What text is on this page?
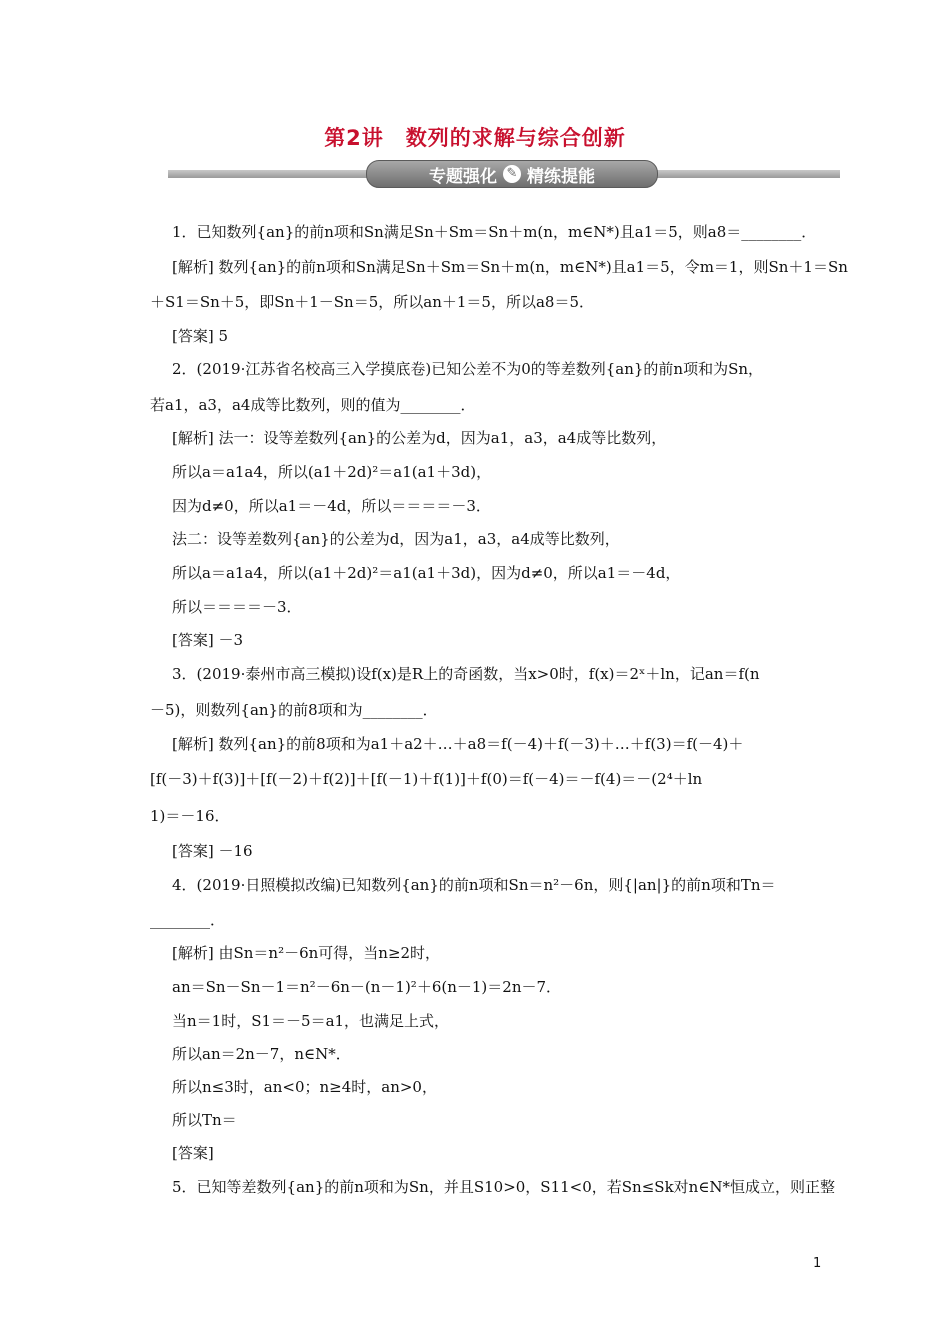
第2讲　数列的求解与综合创新
专题强化 ✎ 精练提能
1．已知数列{an}的前n项和Sn满足Sn＋Sm＝Sn＋m(n，m∈N*)且a1＝5，则a8＝________．
[解析] 数列{an}的前n项和Sn满足Sn＋Sm＝Sn＋m(n，m∈N*)且a1＝5，令m＝1，则Sn＋1＝Sn
＋S1＝Sn＋5，即Sn＋1－Sn＝5，所以an＋1＝5，所以a8＝5．
[答案] 5
2．(2019·江苏省名校高三入学摸底卷)已知公差不为0的等差数列{an}的前n项和为Sn，
若a1，a3，a4成等比数列，则的值为________．
[解析] 法一：设等差数列{an}的公差为d，因为a1，a3，a4成等比数列，
所以a＝a1a4，所以(a1＋2d)²＝a1(a1＋3d)，
因为d≠0，所以a1＝－4d，所以＝＝＝＝－3．
法二：设等差数列{an}的公差为d，因为a1，a3，a4成等比数列，
所以a＝a1a4，所以(a1＋2d)²＝a1(a1＋3d)，因为d≠0，所以a1＝－4d，
所以＝＝＝＝－3．
[答案] －3
3．(2019·泰州市高三模拟)设f(x)是R上的奇函数，当x>0时，f(x)＝2ˣ＋ln，记an＝f(n
－5)，则数列{an}的前8项和为________．
[解析] 数列{an}的前8项和为a1＋a2＋…＋a8＝f(－4)＋f(－3)＋…＋f(3)＝f(－4)＋
[f(－3)＋f(3)]＋[f(－2)＋f(2)]＋[f(－1)＋f(1)]＋f(0)＝f(－4)＝－f(4)＝－(2⁴＋ln
1)＝－16．
[答案] －16
4．(2019·日照模拟改编)已知数列{an}的前n项和Sn＝n²－6n，则{|an|}的前n项和Tn＝
________．
[解析] 由Sn＝n²－6n可得，当n≥2时，
an＝Sn－Sn－1＝n²－6n－(n－1)²＋6(n－1)＝2n－7．
当n＝1时，S1＝－5＝a1，也满足上式，
所以an＝2n－7，n∈N*．
所以n≤3时，an<0；n≥4时，an>0，
所以Tn＝
[答案]
5．已知等差数列{an}的前n项和为Sn，并且S10>0，S11<0，若Sn≤Sk对n∈N*恒成立，则正整
1
